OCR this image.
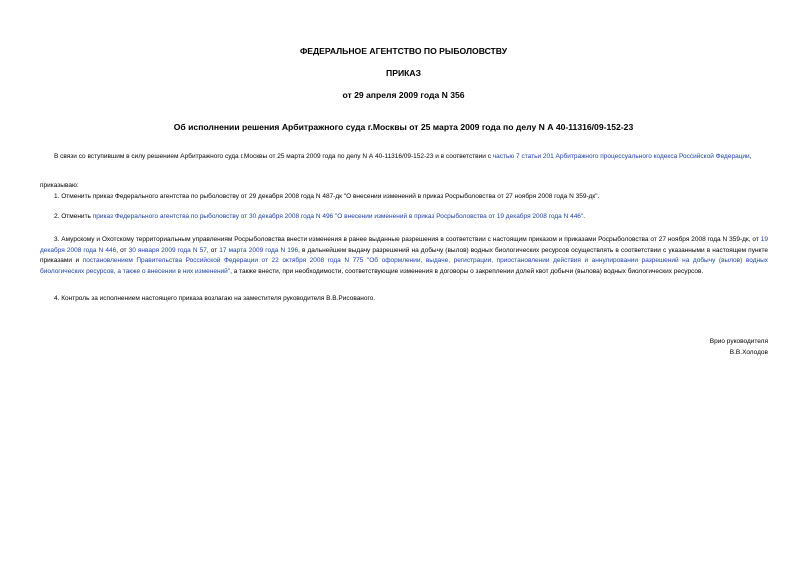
ФЕДЕРАЛЬНОЕ АГЕНТСТВО ПО РЫБОЛОВСТВУ
ПРИКАЗ
от 29 апреля 2009 года N 356
Об исполнении решения Арбитражного суда г.Москвы от 25 марта 2009 года по делу N А 40-11316/09-152-23

В связи со вступившим в силу решением Арбитражного суда г.Москвы от 25 марта 2009 года по делу N А 40-11316/09-152-23 и в соответствии с частью 7 статьи 201 Арбитражного процессуального кодекса Российской Федерации,

приказываю:

1. Отменить приказ Федерального агентства по рыболовству от 29 декабря 2008 года N 487-дк "О внесении изменений в приказ Росрыболовства от 27 ноября 2008 года N 359-дк".

2. Отменить приказ Федерального агентства по рыболовству от 30 декабря 2008 года N 496 "О внесении изменений в приказ Росрыболовства от 19 декабря 2008 года N 446".

3. Амурскому и Охотскому территориальным управлениям Росрыболовства внести изменения в ранее выданные разрешения в соответствии с настоящим приказом и приказами Росрыболовства от 27 ноября 2008 года N 359-дк, от 19 декабря 2008 года N 446, от 30 января 2009 года N 57, от 17 марта 2009 года N 196, в дальнейшем выдачу разрешений на добычу (вылов) водных биологических ресурсов осуществлять в соответствии с указанными в настоящем пункте приказами и постановлением Правительства Российской Федерации от 22 октября 2008 года N 775 "Об оформлении, выдаче, регистрации, приостановлении действия и аннулировании разрешений на добычу (вылов) водных биологических ресурсов, а также о внесении в них изменений", а также внести, при необходимости, соответствующие изменения в договоры о закреплении долей квот добычи (вылова) водных биологических ресурсов.

4. Контроль за исполнением настоящего приказа возлагаю на заместителя руководителя В.В.Рисованого.

Врио руководителя
В.В.Холодов
